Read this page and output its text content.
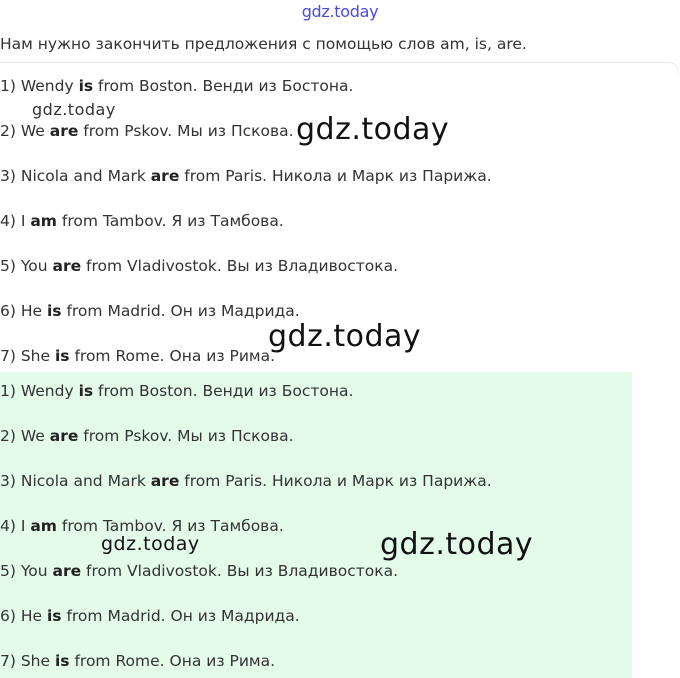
gdz.today
Нам нужно закончить предложения с помощью слов am, is, are.
1) Wendy is from Boston. Венди из Бостона.
2) We are from Pskov. Мы из Пскова.
3) Nicola and Mark are from Paris. Никола и Марк из Парижа.
4) I am from Tambov. Я из Тамбова.
5) You are from Vladivostok. Вы из Владивостока.
6) He is from Madrid. Он из Мадрида.
7) She is from Rome. Она из Рима.
1) Wendy is from Boston. Венди из Бостона.
2) We are from Pskov. Мы из Пскова.
3) Nicola and Mark are from Paris. Никола и Марк из Парижа.
4) I am from Tambov. Я из Тамбова.
5) You are from Vladivostok. Вы из Владивостока.
6) He is from Madrid. Он из Мадрида.
7) She is from Rome. Она из Рима.
gdz.today
gdz.today
gdz.today
gdz.today	gdz.today
